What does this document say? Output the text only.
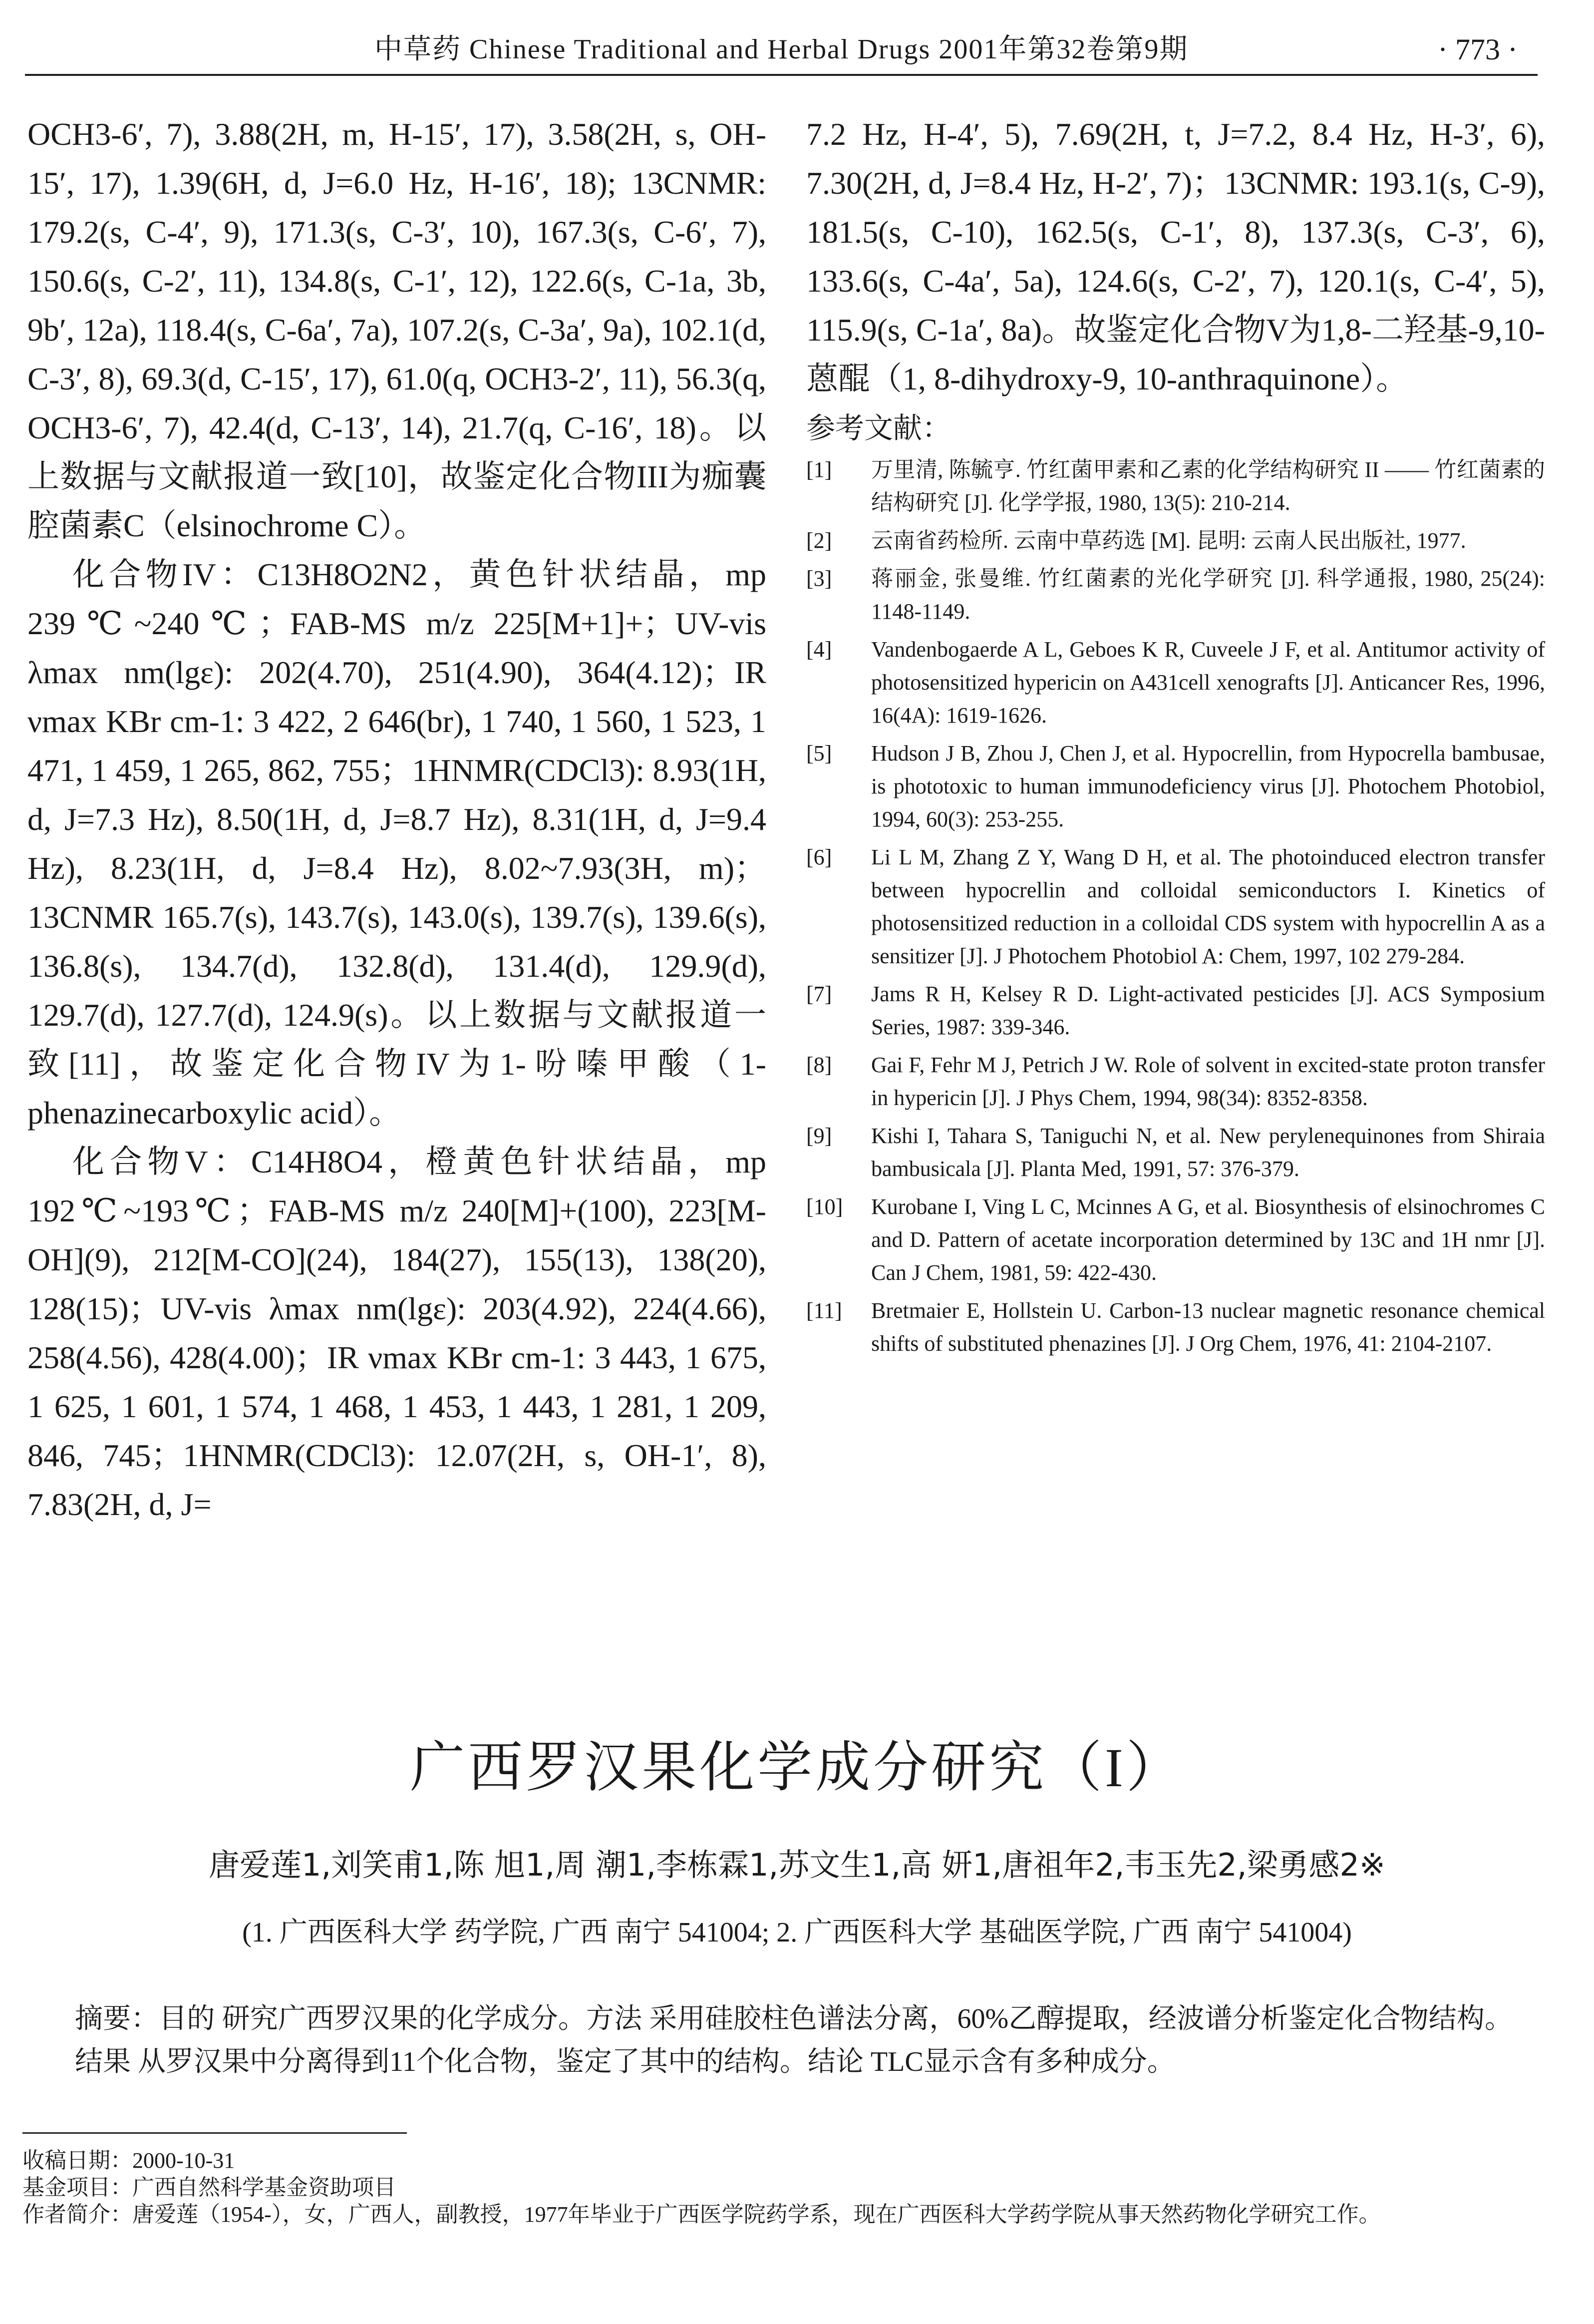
中草药 Chinese Traditional and Herbal Drugs 2001年第32卷第9期	· 773 ·

OCH3-6′, 7), 3.88(2H, m, H-15′, 17), 3.58(2H, s, OH-15′, 17), 1.39(6H, d, J=6.0 Hz, H-16′, 18); 13CNMR: 179.2(s, C-4′, 9), 171.3(s, C-3′, 10), 167.3(s, C-6′, 7), 150.6(s, C-2′, 11), 134.8(s, C-1′, 12), 122.6(s, C-1a, 3b, 9b′, 12a), 118.4(s, C-6a′, 7a), 107.2(s, C-3a′, 9a), 102.1(d, C-3′, 8), 69.3(d, C-15′, 17), 61.0(q, OCH3-2′, 11), 56.3(q, OCH3-6′, 7), 42.4(d, C-13′, 14), 21.7(q, C-16′, 18)。以上数据与文献报道一致[10]，故鉴定化合物III为痂囊腔菌素C（elsinochrome C）。

化合物IV：C13H8O2N2，黄色针状结晶，mp 239℃~240℃；FAB-MS m/z 225[M+1]+；UV-vis λmax nm(lgε): 202(4.70), 251(4.90), 364(4.12)；IR νmax KBr cm-1: 3 422, 2 646(br), 1 740, 1 560, 1 523, 1 471, 1 459, 1 265, 862, 755；1HNMR(CDCl3): 8.93(1H, d, J=7.3 Hz), 8.50(1H, d, J=8.7 Hz), 8.31(1H, d, J=9.4 Hz), 8.23(1H, d, J=8.4 Hz), 8.02~7.93(3H, m)；13CNMR 165.7(s), 143.7(s), 143.0(s), 139.7(s), 139.6(s), 136.8(s), 134.7(d), 132.8(d), 131.4(d), 129.9(d), 129.7(d), 127.7(d), 124.9(s)。以上数据与文献报道一致[11]，故鉴定化合物IV为1-吩嗪甲酸（1-phenazinecarboxylic acid）。

化合物V：C14H8O4，橙黄色针状结晶，mp 192℃~193℃；FAB-MS m/z 240[M]+(100), 223[M-OH](9), 212[M-CO](24), 184(27), 155(13), 138(20), 128(15)；UV-vis λmax nm(lgε): 203(4.92), 224(4.66), 258(4.56), 428(4.00)；IR νmax KBr cm-1: 3 443, 1 675, 1 625, 1 601, 1 574, 1 468, 1 453, 1 443, 1 281, 1 209, 846, 745；1HNMR(CDCl3): 12.07(2H, s, OH-1′, 8), 7.83(2H, d, J=

7.2 Hz, H-4′, 5), 7.69(2H, t, J=7.2, 8.4 Hz, H-3′, 6), 7.30(2H, d, J=8.4 Hz, H-2′, 7)；13CNMR: 193.1(s, C-9), 181.5(s, C-10), 162.5(s, C-1′, 8), 137.3(s, C-3′, 6), 133.6(s, C-4a′, 5a), 124.6(s, C-2′, 7), 120.1(s, C-4′, 5), 115.9(s, C-1a′, 8a)。故鉴定化合物V为1,8-二羟基-9,10-蒽醌（1, 8-dihydroxy-9, 10-anthraquinone）。

参考文献：
[1]	万里清, 陈毓亨. 竹红菌甲素和乙素的化学结构研究 II —— 竹红菌素的结构研究 [J]. 化学学报, 1980, 13(5): 210-214.
[2]	云南省药检所. 云南中草药选 [M]. 昆明: 云南人民出版社, 1977.
[3]	蒋丽金, 张曼维. 竹红菌素的光化学研究 [J]. 科学通报, 1980, 25(24): 1148-1149.
[4]	Vandenbogaerde A L, Geboes K R, Cuveele J F, et al. Antitumor activity of photosensitized hypericin on A431cell xenografts [J]. Anticancer Res, 1996, 16(4A): 1619-1626.
[5]	Hudson J B, Zhou J, Chen J, et al. Hypocrellin, from Hypocrella bambusae, is phototoxic to human immunodeficiency virus [J]. Photochem Photobiol, 1994, 60(3): 253-255.
[6]	Li L M, Zhang Z Y, Wang D H, et al. The photoinduced electron transfer between hypocrellin and colloidal semiconductors I. Kinetics of photosensitized reduction in a colloidal CDS system with hypocrellin A as a sensitizer [J]. J Photochem Photobiol A: Chem, 1997, 102 279-284.
[7]	Jams R H, Kelsey R D. Light-activated pesticides [J]. ACS Symposium Series, 1987: 339-346.
[8]	Gai F, Fehr M J, Petrich J W. Role of solvent in excited-state proton transfer in hypericin [J]. J Phys Chem, 1994, 98(34): 8352-8358.
[9]	Kishi I, Tahara S, Taniguchi N, et al. New perylenequinones from Shiraia bambusicala [J]. Planta Med, 1991, 57: 376-379.
[10]	Kurobane I, Ving L C, Mcinnes A G, et al. Biosynthesis of elsinochromes C and D. Pattern of acetate incorporation determined by 13C and 1H nmr [J]. Can J Chem, 1981, 59: 422-430.
[11]	Bretmaier E, Hollstein U. Carbon-13 nuclear magnetic resonance chemical shifts of substituted phenazines [J]. J Org Chem, 1976, 41: 2104-2107.
广西罗汉果化学成分研究（I）
唐爱莲1,刘笑甫1,陈 旭1,周 潮1,李栋霖1,苏文生1,高 妍1,唐祖年2,韦玉先2,梁勇感2※
(1. 广西医科大学 药学院, 广西 南宁 541004; 2. 广西医科大学 基础医学院, 广西 南宁 541004)
摘要：目的 研究广西罗汉果的化学成分。方法 采用硅胶柱色谱法分离，60%乙醇提取，经波谱分析鉴定化合物结构。结果 从罗汉果中分离得到11个化合物，鉴定了其中的结构。结论 TLC显示含有多种成分。

收稿日期：2000-10-31

基金项目：广西自然科学基金资助项目

作者简介：唐爱莲（1954-），女，广西人，副教授，1977年毕业于广西医学院药学系，现在广西医科大学药学院从事天然药物化学研究工作。
